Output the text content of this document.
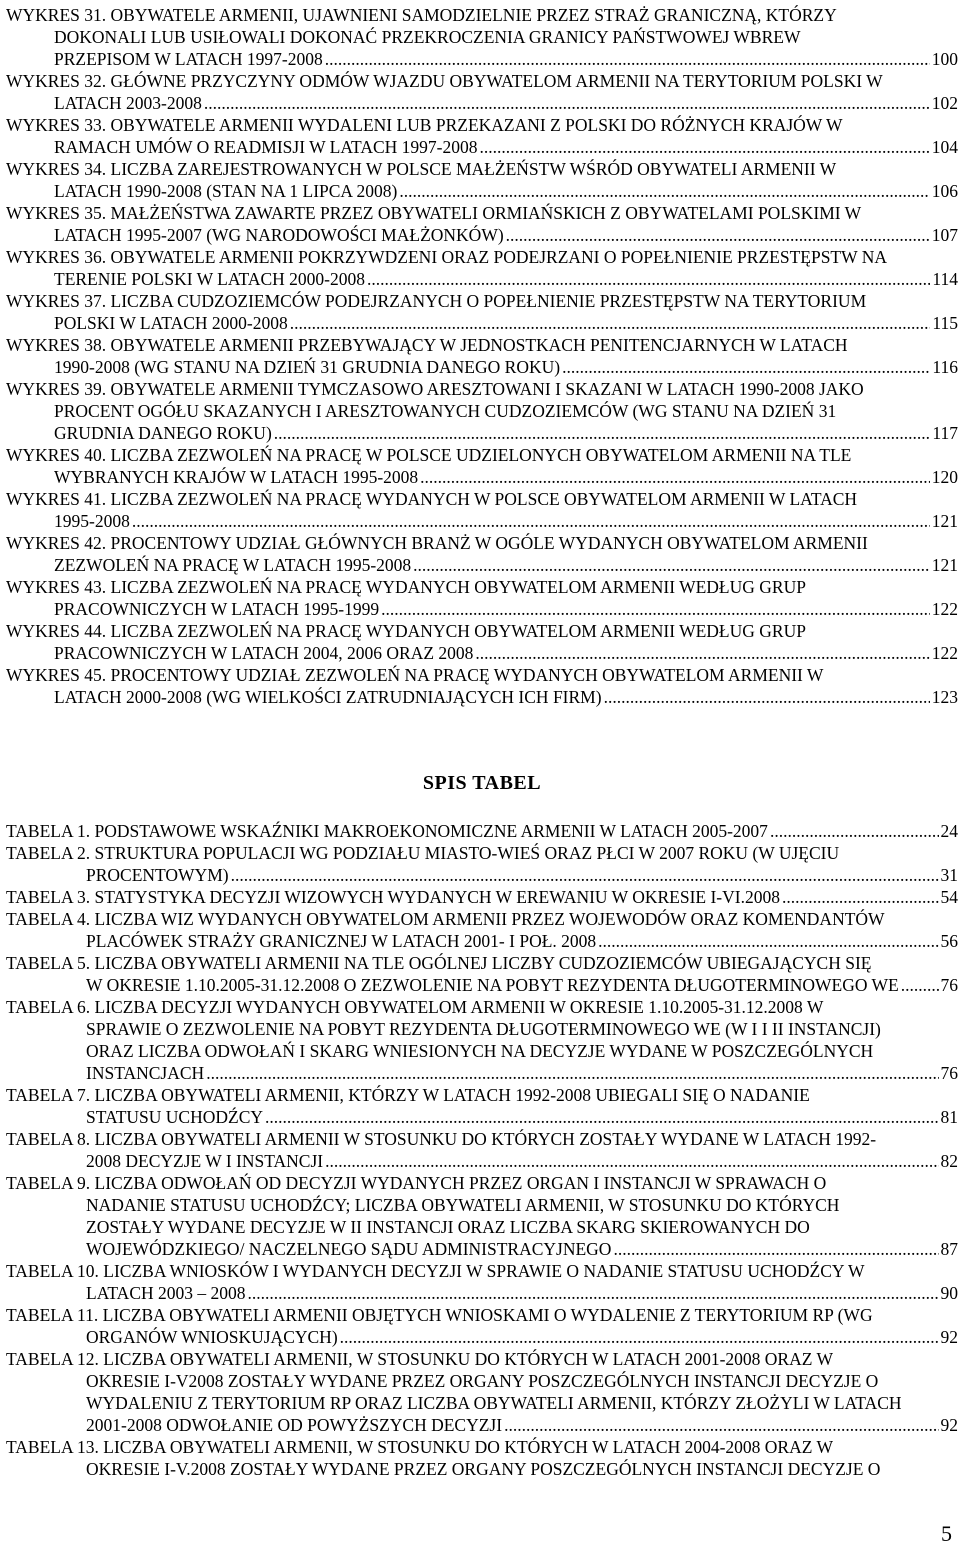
WYKRES 31. OBYWATELE ARMENII, UJAWNIENI SAMODZIELNIE PRZEZ STRAŻ GRANICZNĄ, KTÓRZY
DOKONALI LUB USIŁOWALI DOKONAĆ PRZEKROCZENIA GRANICY PAŃSTWOWEJ WBREW
PRZEPISOM W LATACH 1997-2008 .....	100
WYKRES 32. GŁÓWNE PRZYCZYNY ODMÓW WJAZDU OBYWATELOM ARMENII NA TERYTORIUM POLSKI W
LATACH 2003-2008 .....	102
WYKRES 33. OBYWATELE ARMENII WYDALENI LUB PRZEKAZANI Z POLSKI DO RÓŻNYCH KRAJÓW W
RAMACH UMÓW O READMISJI W LATACH 1997-2008 .....	104
WYKRES 34. LICZBA ZAREJESTROWANYCH W POLSCE MAŁŻEŃSTW WŚRÓD OBYWATELI ARMENII W
LATACH 1990-2008 (STAN NA 1 LIPCA 2008) .....	106
WYKRES 35. MAŁŻEŃSTWA ZAWARTE PRZEZ OBYWATELI ORMIAŃSKICH Z OBYWATELAMI POLSKIMI W
LATACH 1995-2007 (WG NARODOWOŚCI MAŁŻONKÓW) .....	107
WYKRES 36. OBYWATELE ARMENII POKRZYWDZENI ORAZ PODEJRZANI O POPEŁNIENIE PRZESTĘPSTW NA
TERENIE POLSKI W LATACH 2000-2008 .....	114
WYKRES 37. LICZBA CUDZOZIEMCÓW PODEJRZANYCH O POPEŁNIENIE PRZESTĘPSTW NA TERYTORIUM
POLSKI W LATACH 2000-2008 .....	115
WYKRES 38. OBYWATELE ARMENII PRZEBYWAJĄCY W JEDNOSTKACH PENITENCJARNYCH W LATACH
1990-2008 (WG STANU NA DZIEŃ 31 GRUDNIA DANEGO ROKU) .....	116
WYKRES 39. OBYWATELE ARMENII TYMCZASOWO ARESZTOWANI I SKAZANI W LATACH 1990-2008 JAKO
PROCENT OGÓŁU SKAZANYCH I ARESZTOWANYCH CUDZOZIEMCÓW (WG STANU NA DZIEŃ 31
GRUDNIA DANEGO ROKU) .....	117
WYKRES 40. LICZBA ZEZWOLEŃ NA PRACĘ W POLSCE UDZIELONYCH OBYWATELOM ARMENII NA TLE
WYBRANYCH KRAJÓW W LATACH 1995-2008 .....	120
WYKRES 41. LICZBA ZEZWOLEŃ NA PRACĘ WYDANYCH W POLSCE OBYWATELOM ARMENII W LATACH
1995-2008 .....	121
WYKRES 42. PROCENTOWY UDZIAŁ GŁÓWNYCH BRANŻ W OGÓLE WYDANYCH OBYWATELOM ARMENII
ZEZWOLEŃ NA PRACĘ W LATACH 1995-2008 .....	121
WYKRES 43. LICZBA ZEZWOLEŃ NA PRACĘ WYDANYCH OBYWATELOM ARMENII WEDŁUG GRUP
PRACOWNICZYCH W LATACH 1995-1999 .....	122
WYKRES 44. LICZBA ZEZWOLEŃ NA PRACĘ WYDANYCH OBYWATELOM ARMENII WEDŁUG GRUP
PRACOWNICZYCH W LATACH 2004, 2006 ORAZ 2008 .....	122
WYKRES 45. PROCENTOWY UDZIAŁ ZEZWOLEŃ NA PRACĘ WYDANYCH OBYWATELOM ARMENII W
LATACH 2000-2008 (WG WIELKOŚCI ZATRUDNIAJĄCYCH ICH FIRM) .....	123
SPIS TABEL
TABELA 1. PODSTAWOWE WSKAŹNIKI MAKROEKONOMICZNE ARMENII W LATACH 2005-2007 .....	24
TABELA 2. STRUKTURA POPULACJI WG PODZIAŁU MIASTO-WIEŚ ORAZ PŁCI W 2007 ROKU (W UJĘCIU
PROCENTOWYM) .....	31
TABELA 3. STATYSTYKA DECYZJI WIZOWYCH WYDANYCH W EREWANIU W OKRESIE I-VI.2008 .....	54
TABELA 4. LICZBA WIZ WYDANYCH OBYWATELOM ARMENII PRZEZ WOJEWODÓW ORAZ KOMENDANTÓW
PLACÓWEK STRAŻY GRANICZNEJ W LATACH 2001- I POŁ. 2008 .....	56
TABELA 5. LICZBA OBYWATELI ARMENII NA TLE OGÓLNEJ LICZBY CUDZOZIEMCÓW UBIEGAJĄCYCH SIĘ
W OKRESIE 1.10.2005-31.12.2008 O ZEZWOLENIE NA POBYT REZYDENTA DŁUGOTERMINOWEGO WE ..... 76
TABELA 6. LICZBA DECYZJI WYDANYCH OBYWATELOM ARMENII W OKRESIE 1.10.2005-31.12.2008 W
SPRAWIE O ZEZWOLENIE NA POBYT REZYDENTA DŁUGOTERMINOWEGO WE (W I I II INSTANCJI)
ORAZ LICZBA ODWOŁAŃ I SKARG WNIESIONYCH NA DECYZJE WYDANE W POSZCZEGÓLNYCH
INSTANCJACH .....	76
TABELA 7. LICZBA OBYWATELI ARMENII, KTÓRZY W LATACH 1992-2008 UBIEGALI SIĘ O NADANIE
STATUSU UCHODŹCY .....	81
TABELA 8. LICZBA OBYWATELI ARMENII W STOSUNKU DO KTÓRYCH ZOSTAŁY WYDANE W LATACH 1992-
2008 DECYZJE W I INSTANCJI .....	82
TABELA 9. LICZBA ODWOŁAŃ OD DECYZJI WYDANYCH PRZEZ ORGAN I INSTANCJI W SPRAWACH O
NADANIE STATUSU UCHODŹCY; LICZBA OBYWATELI ARMENII, W STOSUNKU DO KTÓRYCH
ZOSTAŁY WYDANE DECYZJE W II INSTANCJI ORAZ LICZBA SKARG SKIEROWANYCH DO
WOJEWÓDZKIEGO/ NACZELNEGO SĄDU ADMINISTRACYJNEGO .....	87
TABELA 10. LICZBA WNIOSKÓW I WYDANYCH DECYZJI W SPRAWIE O NADANIE STATUSU UCHODŹCY W
LATACH 2003 – 2008 .....	90
TABELA 11. LICZBA OBYWATELI ARMENII OBJĘTYCH WNIOSKAMI O WYDALENIE Z TERYTORIUM RP (WG
ORGANÓW WNIOSKUJĄCYCH) .....	92
TABELA 12. LICZBA OBYWATELI ARMENII, W STOSUNKU DO KTÓRYCH W LATACH 2001-2008 ORAZ W
OKRESIE I-V2008 ZOSTAŁY WYDANE PRZEZ ORGANY POSZCZEGÓLNYCH INSTANCJI DECYZJE O
WYDALENIU Z TERYTORIUM RP ORAZ LICZBA OBYWATELI ARMENII, KTÓRZY ZŁOŻYLI W LATACH
2001-2008 ODWOŁANIE OD POWYŻSZYCH DECYZJI .....	92
TABELA 13. LICZBA OBYWATELI ARMENII, W STOSUNKU DO KTÓRYCH W LATACH 2004-2008 ORAZ W
OKRESIE I-V.2008 ZOSTAŁY WYDANE PRZEZ ORGANY POSZCZEGÓLNYCH INSTANCJI DECYZJE O
5
